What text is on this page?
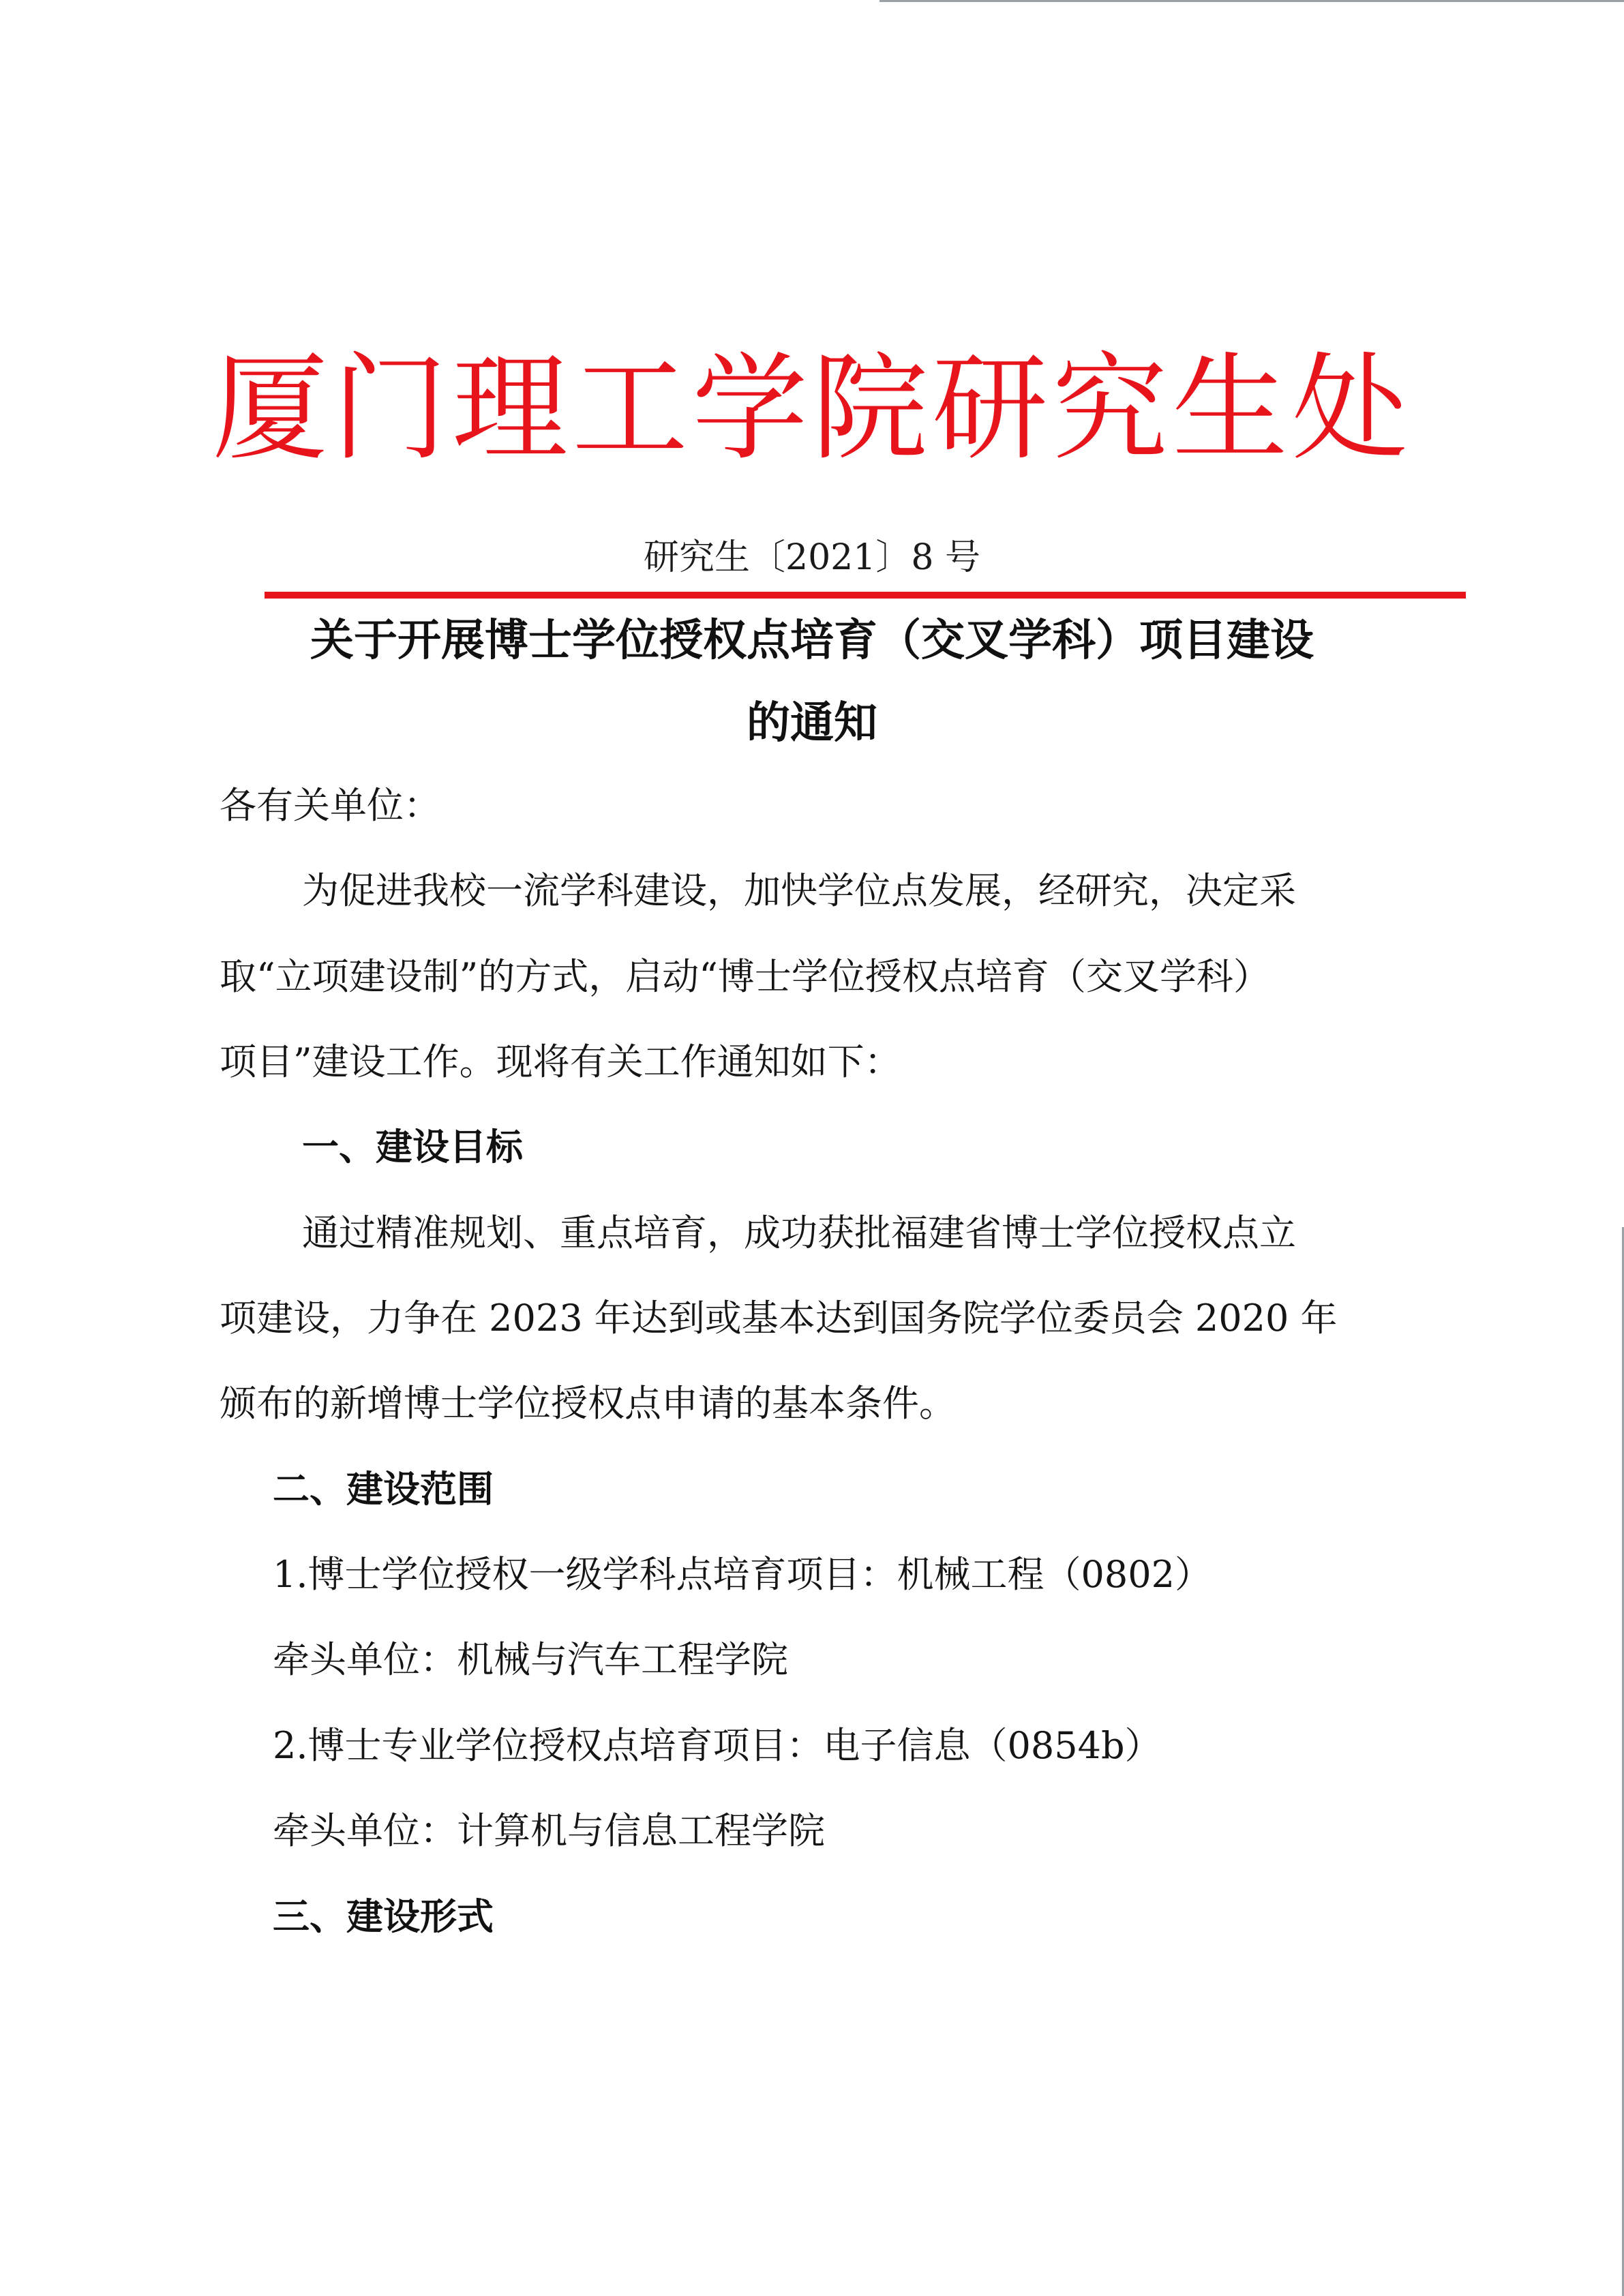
厦门理工学院研究生处
研究生〔2021〕8 号
关于开展博士学位授权点培育（交叉学科）项目建设
的通知
各有关单位：
为促进我校一流学科建设，加快学位点发展，经研究，决定采
取“立项建设制”的方式，启动“博士学位授权点培育（交叉学科）
项目”建设工作。现将有关工作通知如下：
一、建设目标
通过精准规划、重点培育，成功获批福建省博士学位授权点立
项建设，力争在 2023 年达到或基本达到国务院学位委员会 2020 年
颁布的新增博士学位授权点申请的基本条件。
二、建设范围
1.博士学位授权一级学科点培育项目：机械工程（0802）
牵头单位：机械与汽车工程学院
2.博士专业学位授权点培育项目：电子信息（0854b）
牵头单位：计算机与信息工程学院
三、建设形式
